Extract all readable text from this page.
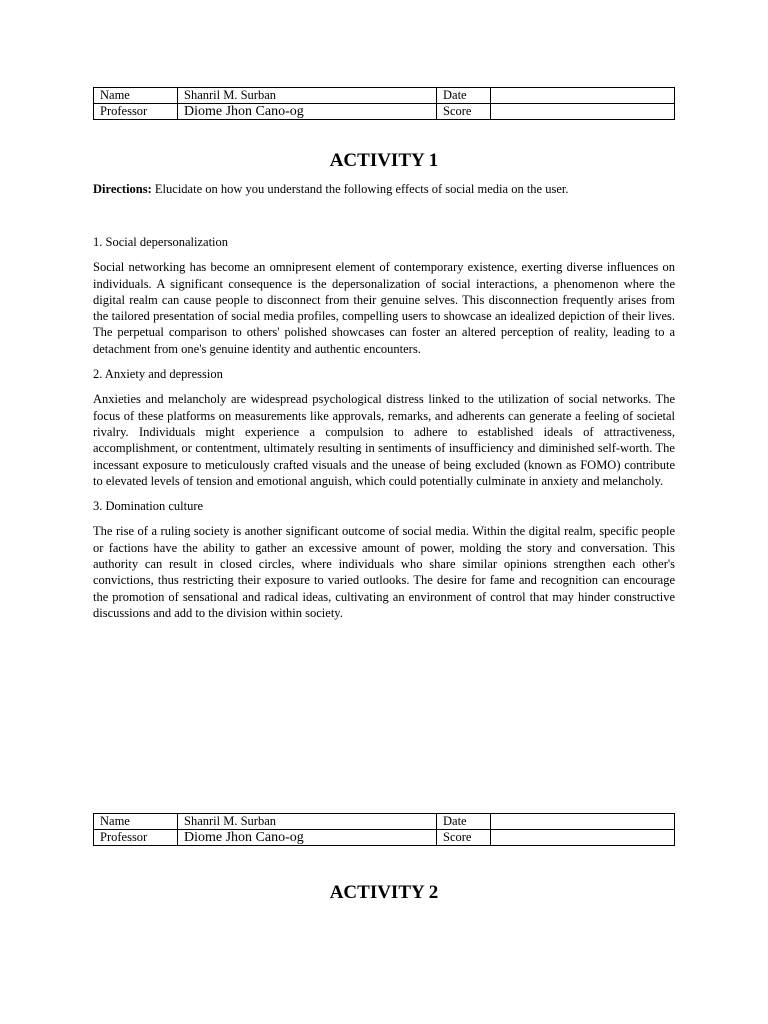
Name	Shanril M. Surban	Date	
Professor	Diome Jhon Cano-og	Score	
ACTIVITY 1

Directions: Elucidate on how you understand the following effects of social media on the user.

1. Social depersonalization

Social networking has become an omnipresent element of contemporary existence, exerting diverse influences on individuals. A significant consequence is the depersonalization of social interactions, a phenomenon where the digital realm can cause people to disconnect from their genuine selves. This disconnection frequently arises from the tailored presentation of social media profiles, compelling users to showcase an idealized depiction of their lives. The perpetual comparison to others' polished showcases can foster an altered perception of reality, leading to a detachment from one's genuine identity and authentic encounters.

2. Anxiety and depression

Anxieties and melancholy are widespread psychological distress linked to the utilization of social networks. The focus of these platforms on measurements like approvals, remarks, and adherents can generate a feeling of societal rivalry. Individuals might experience a compulsion to adhere to established ideals of attractiveness, accomplishment, or contentment, ultimately resulting in sentiments of insufficiency and diminished self-worth. The incessant exposure to meticulously crafted visuals and the unease of being excluded (known as FOMO) contribute to elevated levels of tension and emotional anguish, which could potentially culminate in anxiety and melancholy.

3. Domination culture

The rise of a ruling society is another significant outcome of social media. Within the digital realm, specific people or factions have the ability to gather an excessive amount of power, molding the story and conversation. This authority can result in closed circles, where individuals who share similar opinions strengthen each other's convictions, thus restricting their exposure to varied outlooks. The desire for fame and recognition can encourage the promotion of sensational and radical ideas, cultivating an environment of control that may hinder constructive discussions and add to the division within society.

Name	Shanril M. Surban	Date	
Professor	Diome Jhon Cano-og	Score	
ACTIVITY 2
